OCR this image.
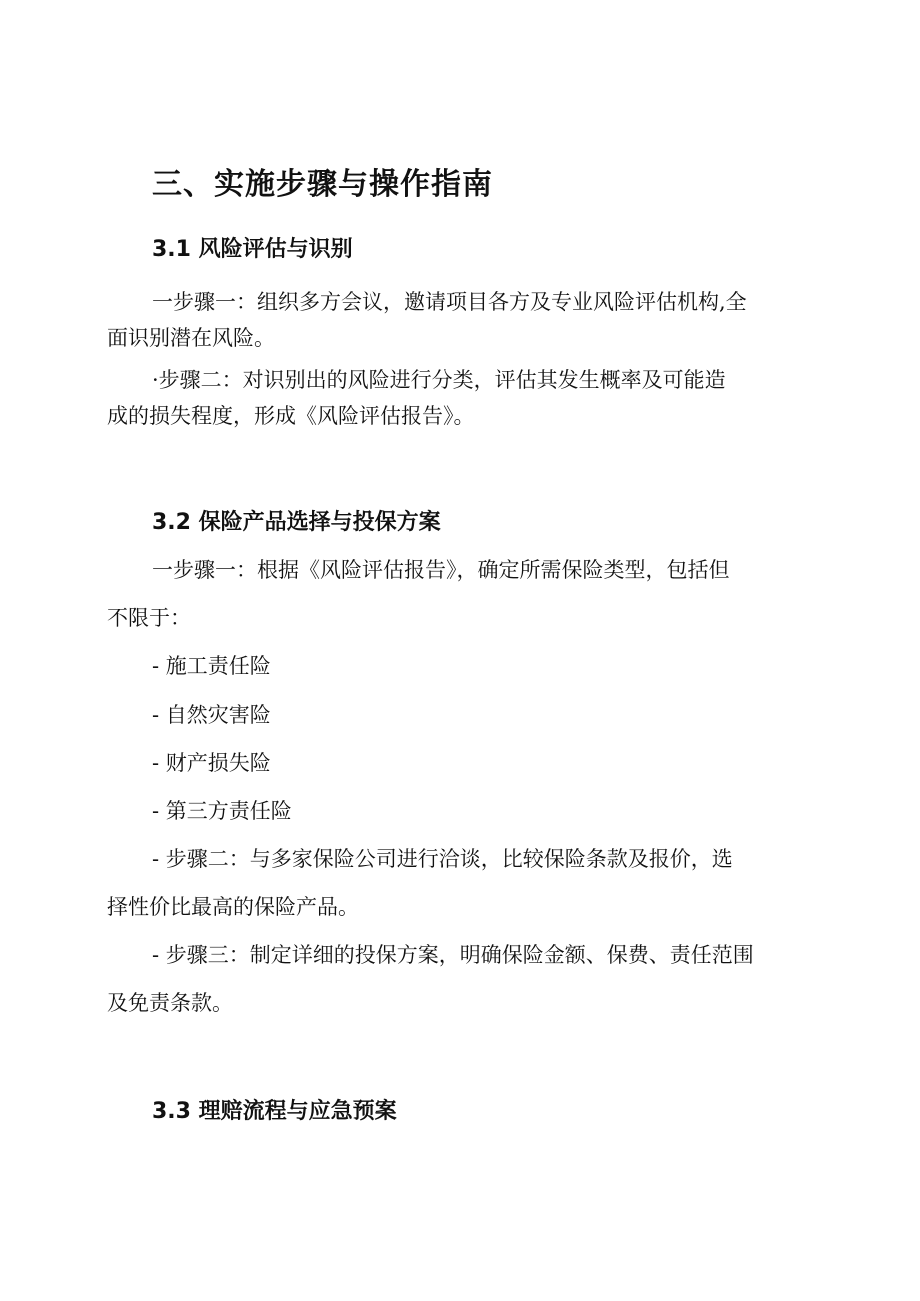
三、实施步骤与操作指南
3.1 风险评估与识别

一步骤一：组织多方会议，邀请项目各方及专业风险评估机构,全
面识别潜在风险。

·步骤二：对识别出的风险进行分类，评估其发生概率及可能造
成的损失程度，形成《风险评估报告》。

3.2 保险产品选择与投保方案

一步骤一：根据《风险评估报告》，确定所需保险类型，包括但
不限于：

- 施工责任险

- 自然灾害险

- 财产损失险

- 第三方责任险

- 步骤二：与多家保险公司进行洽谈，比较保险条款及报价，选
择性价比最高的保险产品。

- 步骤三：制定详细的投保方案，明确保险金额、保费、责任范围
及免责条款。

3.3 理赔流程与应急预案
